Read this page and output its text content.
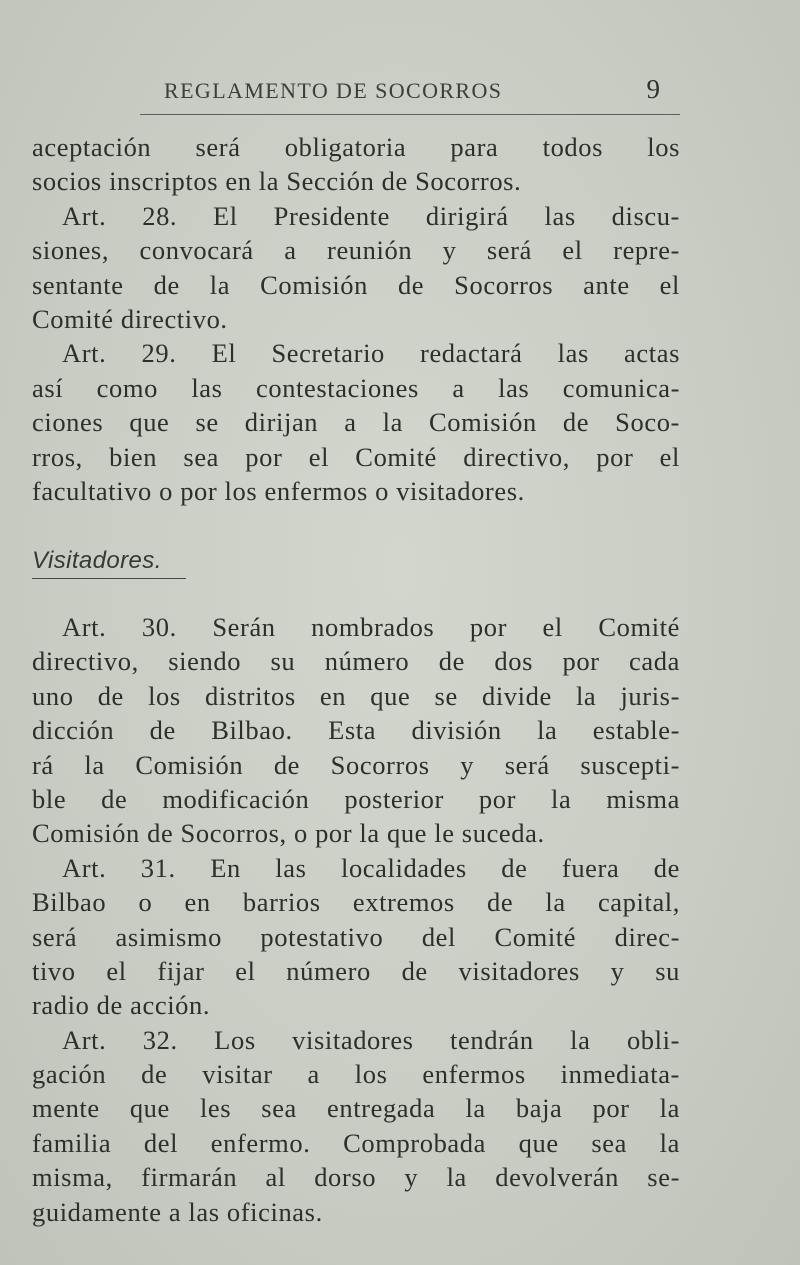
REGLAMENTO DE SOCORROS	9
aceptación será obligatoria para todos los
socios inscriptos en la Sección de Socorros.
Art. 28. El Presidente dirigirá las discu-
siones, convocará a reunión y será el repre-
sentante de la Comisión de Socorros ante el
Comité directivo.
Art. 29. El Secretario redactará las actas
así como las contestaciones a las comunica-
ciones que se dirijan a la Comisión de Soco-
rros, bien sea por el Comité directivo, por el
facultativo o por los enfermos o visitadores.
Visitadores.
Art. 30. Serán nombrados por el Comité
directivo, siendo su número de dos por cada
uno de los distritos en que se divide la juris-
dicción de Bilbao. Esta división la estable-
rá la Comisión de Socorros y será suscepti-
ble de modificación posterior por la misma
Comisión de Socorros, o por la que le suceda.
Art. 31. En las localidades de fuera de
Bilbao o en barrios extremos de la capital,
será asimismo potestativo del Comité direc-
tivo el fijar el número de visitadores y su
radio de acción.
Art. 32. Los visitadores tendrán la obli-
gación de visitar a los enfermos inmediata-
mente que les sea entregada la baja por la
familia del enfermo. Comprobada que sea la
misma, firmarán al dorso y la devolverán se-
guidamente a las oficinas.
